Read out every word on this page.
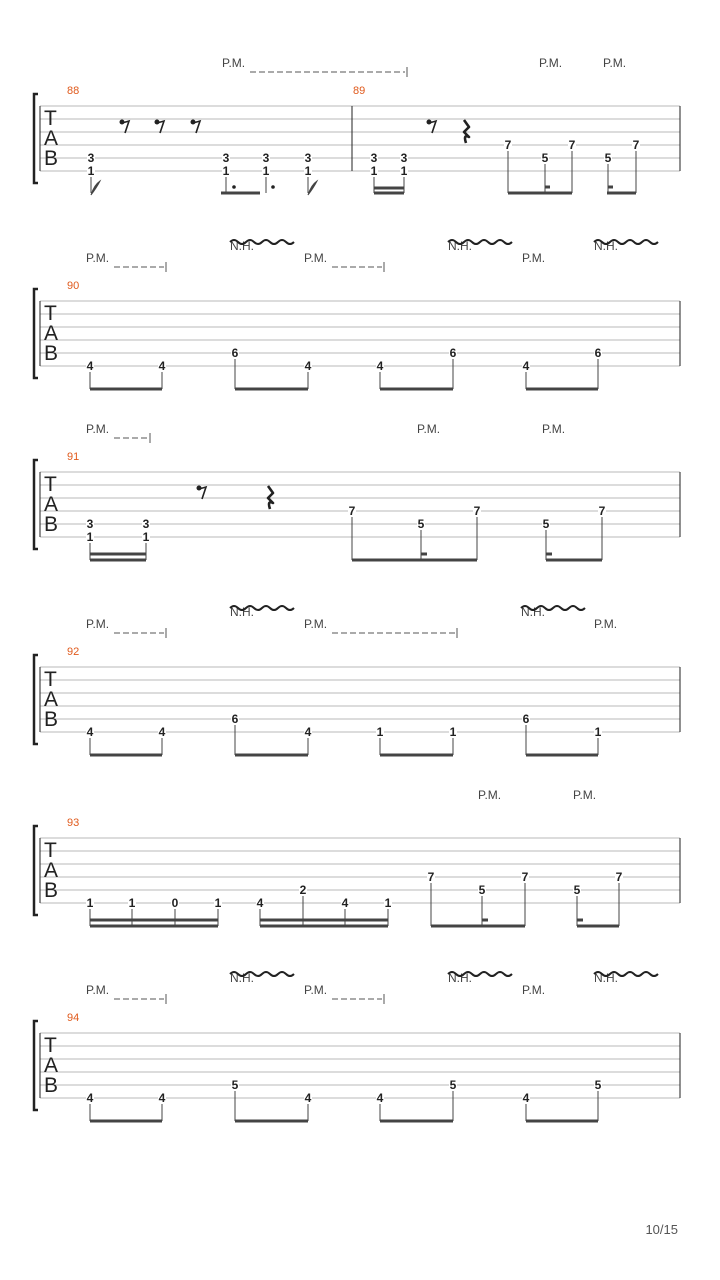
T
A
B
88	89
P.M.	P.M.	P.M.
3
1
3
1
3
1
3
1
3
1
3
1
7
5
7
5
7
T
A
B
90
P.M.
N.H.
P.M.
N.H.
P.M.
N.H.
4	4
6
4	4
6
4
6
T
A
B
91
P.M.	P.M.	P.M.
3
1
3
1
7
5
7
5
7
T
A
B
92
P.M.
N.H.
P.M.
N.H.
P.M.
4	4
6
4	1	1
6
1
T
A
B
93
P.M.	P.M.
1	1	0	1	4
2
4	1
7
5
7
5
7
T
A
B
94
P.M.
N.H.
P.M.
N.H.
P.M.
N.H.
4	4
5
4	4
5
4
5
10/15
